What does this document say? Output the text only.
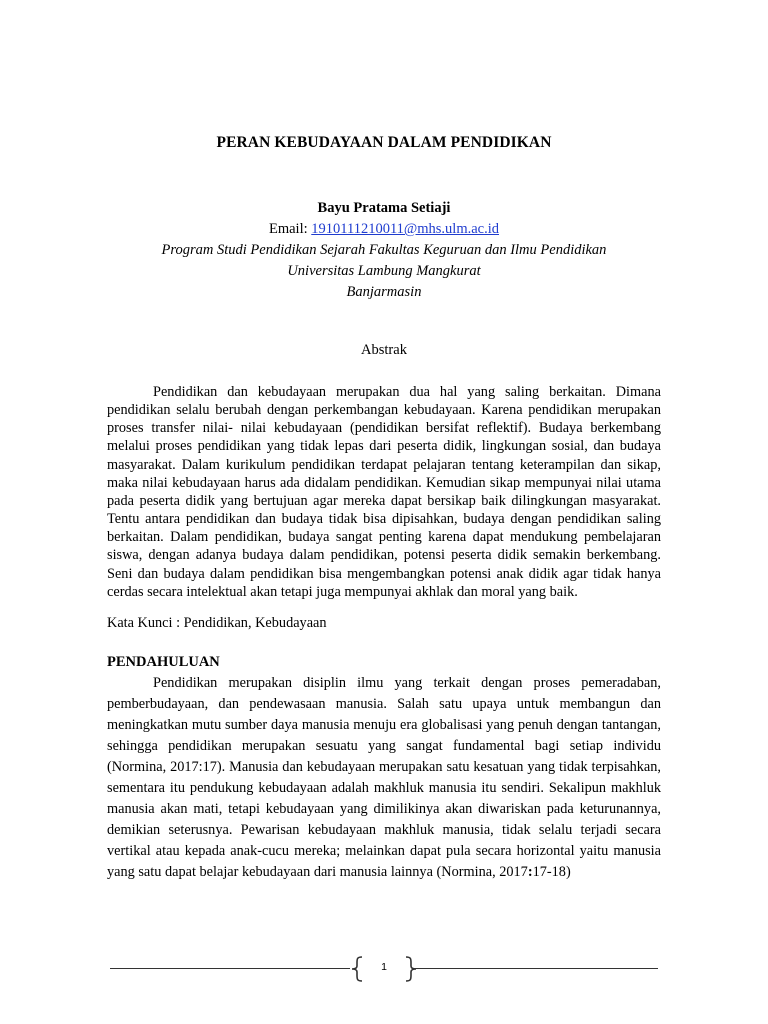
PERAN KEBUDAYAAN DALAM PENDIDIKAN
Bayu Pratama Setiaji
Email: 1910111210011@mhs.ulm.ac.id
Program Studi Pendidikan Sejarah Fakultas Keguruan dan Ilmu Pendidikan
Universitas Lambung Mangkurat
Banjarmasin
Abstrak

Pendidikan dan kebudayaan merupakan dua hal yang saling berkaitan. Dimana pendidikan selalu berubah dengan perkembangan kebudayaan. Karena pendidikan merupakan proses transfer nilai- nilai kebudayaan (pendidikan bersifat reflektif). Budaya berkembang melalui proses pendidikan yang tidak lepas dari peserta didik, lingkungan sosial, dan budaya masyarakat. Dalam kurikulum pendidikan terdapat pelajaran tentang keterampilan dan sikap, maka nilai kebudayaan harus ada didalam pendidikan. Kemudian sikap mempunyai nilai utama pada peserta didik yang bertujuan agar mereka dapat bersikap baik dilingkungan masyarakat. Tentu antara pendidikan dan budaya tidak bisa dipisahkan, budaya dengan pendidikan saling berkaitan. Dalam pendidikan, budaya sangat penting karena dapat mendukung pembelajaran siswa, dengan adanya budaya dalam pendidikan, potensi peserta didik semakin berkembang. Seni dan budaya dalam pendidikan bisa mengembangkan potensi anak didik agar tidak hanya cerdas secara intelektual akan tetapi juga mempunyai akhlak dan moral yang baik.

Kata Kunci : Pendidikan, Kebudayaan
PENDAHULUAN

Pendidikan merupakan disiplin ilmu yang terkait dengan proses pemeradaban, pemberbudayaan, dan pendewasaan manusia. Salah satu upaya untuk membangun dan meningkatkan mutu sumber daya manusia menuju era globalisasi yang penuh dengan tantangan, sehingga pendidikan merupakan sesuatu yang sangat fundamental bagi setiap individu (Normina, 2017:17). Manusia dan kebudayaan merupakan satu kesatuan yang tidak terpisahkan, sementara itu pendukung kebudayaan adalah makhluk manusia itu sendiri. Sekalipun makhluk manusia akan mati, tetapi kebudayaan yang dimilikinya akan diwariskan pada keturunannya, demikian seterusnya. Pewarisan kebudayaan makhluk manusia, tidak selalu terjadi secara vertikal atau kepada anak-cucu mereka; melainkan dapat pula secara horizontal yaitu manusia yang satu dapat belajar kebudayaan dari manusia lainnya (Normina, 2017:17-18)

1
